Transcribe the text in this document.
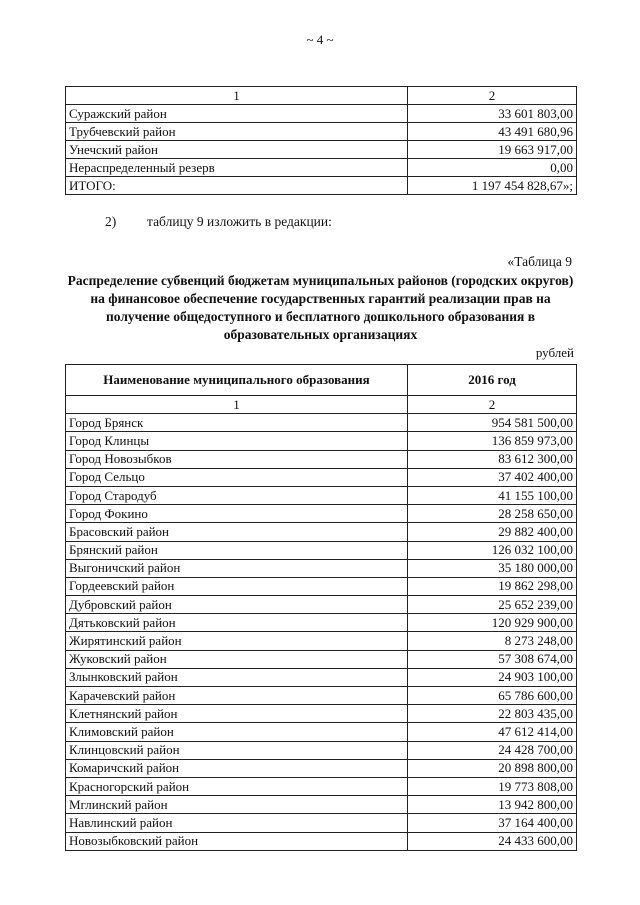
~ 4 ~
1	2
Суражский район	33 601 803,00
Трубчевский район	43 491 680,96
Унечский район	19 663 917,00
Нераспределенный резерв	0,00
ИТОГО:	1 197 454 828,67»;
2) таблицу 9 изложить в редакции:
«Таблица 9
Распределение субвенций бюджетам муниципальных районов (городских округов) на финансовое обеспечение государственных гарантий реализации прав на получение общедоступного и бесплатного дошкольного образования в образовательных организациях
рублей
Наименование муниципального образования	2016 год
1	2
Город Брянск	954 581 500,00
Город Клинцы	136 859 973,00
Город Новозыбков	83 612 300,00
Город Сельцо	37 402 400,00
Город Стародуб	41 155 100,00
Город Фокино	28 258 650,00
Брасовский район	29 882 400,00
Брянский район	126 032 100,00
Выгоничский район	35 180 000,00
Гордеевский район	19 862 298,00
Дубровский район	25 652 239,00
Дятьковский район	120 929 900,00
Жирятинский район	8 273 248,00
Жуковский район	57 308 674,00
Злынковский район	24 903 100,00
Карачевский район	65 786 600,00
Клетнянский район	22 803 435,00
Климовский район	47 612 414,00
Клинцовский район	24 428 700,00
Комаричский район	20 898 800,00
Красногорский район	19 773 808,00
Мглинский район	13 942 800,00
Навлинский район	37 164 400,00
Новозыбковский район	24 433 600,00
